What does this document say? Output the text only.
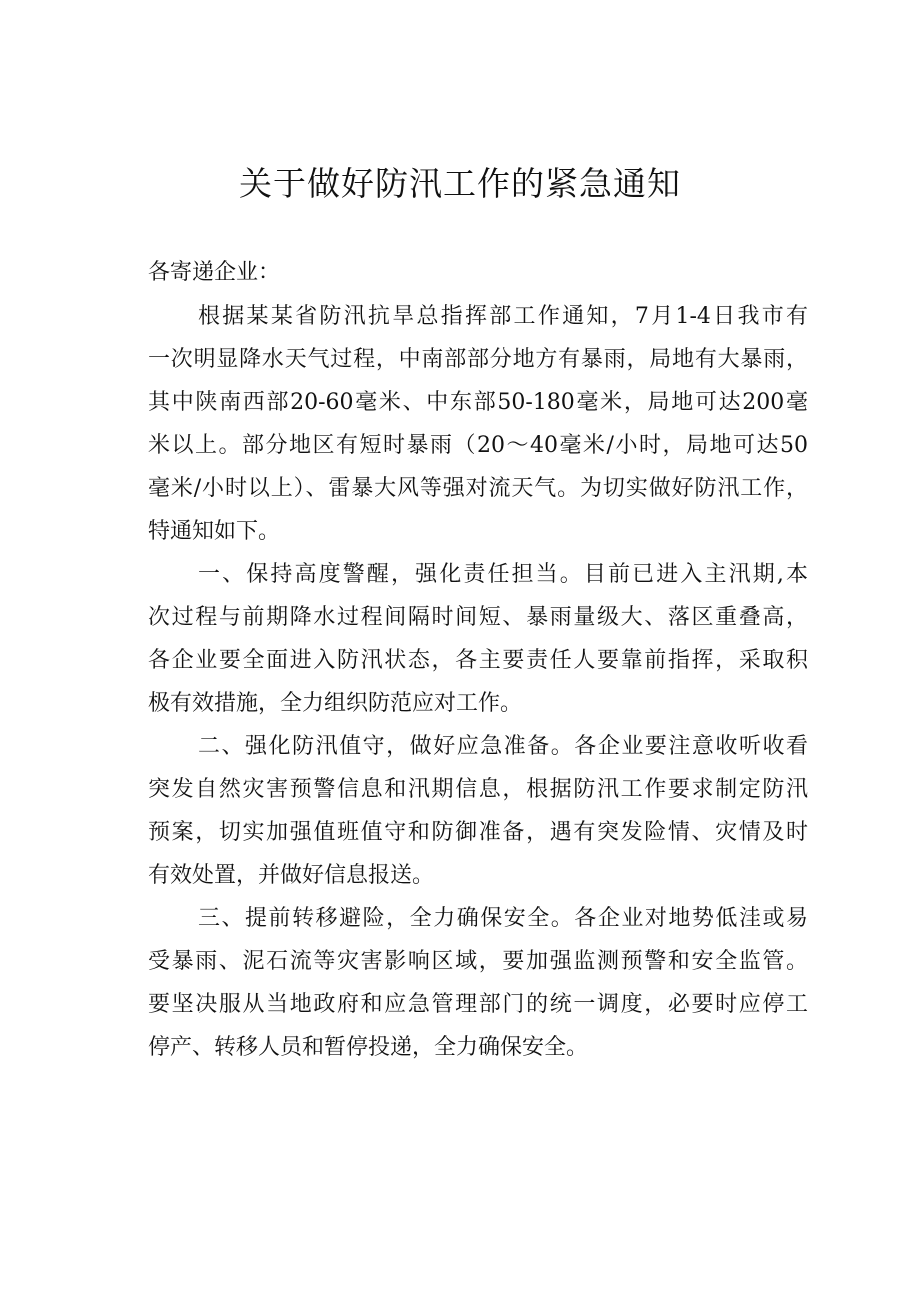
关于做好防汛工作的紧急通知

各寄递企业：

根据某某省防汛抗旱总指挥部工作通知，7月1-4日我市有

一次明显降水天气过程，中南部部分地方有暴雨，局地有大暴雨，

其中陕南西部20-60毫米、中东部50-180毫米，局地可达200毫

米以上。部分地区有短时暴雨（20～40毫米/小时，局地可达50

毫米/小时以上）、雷暴大风等强对流天气。为切实做好防汛工作，

特通知如下。

一、保持高度警醒，强化责任担当。目前已进入主汛期,本

次过程与前期降水过程间隔时间短、暴雨量级大、落区重叠高，

各企业要全面进入防汛状态，各主要责任人要靠前指挥，采取积

极有效措施，全力组织防范应对工作。

二、强化防汛值守，做好应急准备。各企业要注意收听收看

突发自然灾害预警信息和汛期信息，根据防汛工作要求制定防汛

预案，切实加强值班值守和防御准备，遇有突发险情、灾情及时

有效处置，并做好信息报送。

三、提前转移避险，全力确保安全。各企业对地势低洼或易

受暴雨、泥石流等灾害影响区域，要加强监测预警和安全监管。

要坚决服从当地政府和应急管理部门的统一调度，必要时应停工

停产、转移人员和暂停投递，全力确保安全。
